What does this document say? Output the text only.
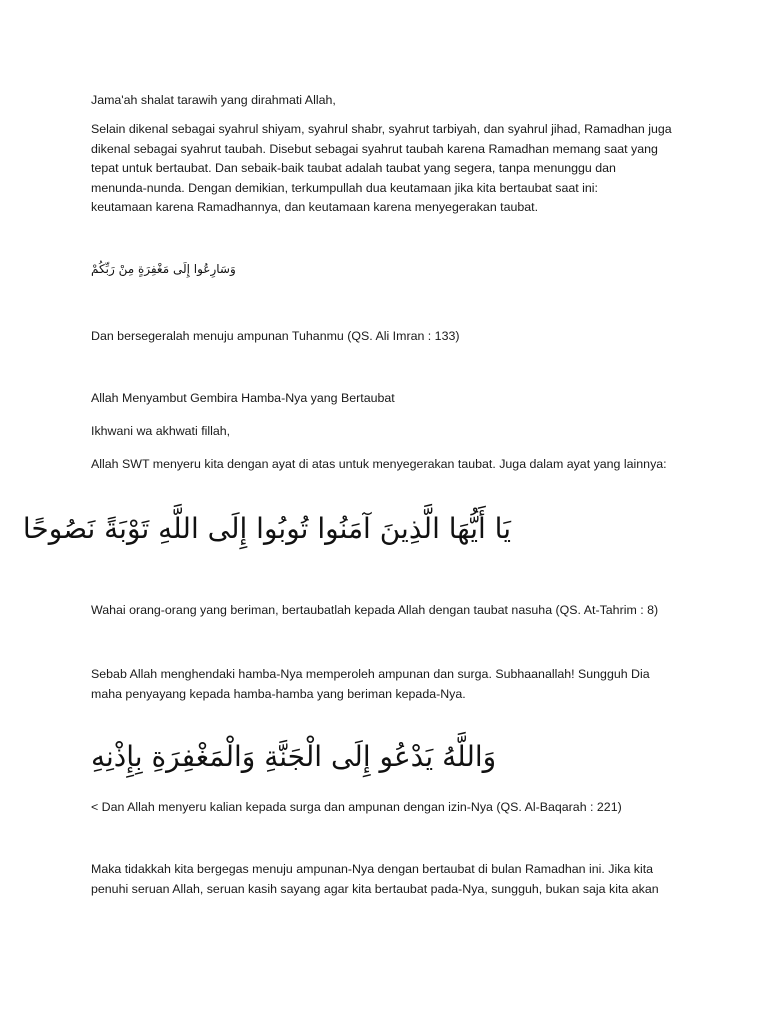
Jama'ah shalat tarawih yang dirahmati Allah,

Selain dikenal sebagai syahrul shiyam, syahrul shabr, syahrut tarbiyah, dan syahrul jihad, Ramadhan juga
dikenal sebagai syahrut taubah. Disebut sebagai syahrut taubah karena Ramadhan memang saat yang
tepat untuk bertaubat. Dan sebaik-baik taubat adalah taubat yang segera, tanpa menunggu dan
menunda-nunda. Dengan demikian, terkumpullah dua keutamaan jika kita bertaubat saat ini:
keutamaan karena Ramadhannya, dan keutamaan karena menyegerakan taubat.

وَسَارِعُوا إِلَى مَغْفِرَةٍ مِنْ رَبِّكُمْ

Dan bersegeralah menuju ampunan Tuhanmu (QS. Ali Imran : 133)

Allah Menyambut Gembira Hamba-Nya yang Bertaubat

Ikhwani wa akhwati fillah,

Allah SWT menyeru kita dengan ayat di atas untuk menyegerakan taubat. Juga dalam ayat yang lainnya:

يَا أَيُّهَا الَّذِينَ آمَنُوا تُوبُوا إِلَى اللَّهِ تَوْبَةً نَصُوحًا

Wahai orang-orang yang beriman, bertaubatlah kepada Allah dengan taubat nasuha (QS. At-Tahrim : 8)

Sebab Allah menghendaki hamba-Nya memperoleh ampunan dan surga. Subhaanallah! Sungguh Dia
maha penyayang kepada hamba-hamba yang beriman kepada-Nya.

وَاللَّهُ يَدْعُو إِلَى الْجَنَّةِ وَالْمَغْفِرَةِ بِإِذْنِهِ

< Dan Allah menyeru kalian kepada surga dan ampunan dengan izin-Nya (QS. Al-Baqarah : 221)

Maka tidakkah kita bergegas menuju ampunan-Nya dengan bertaubat di bulan Ramadhan ini. Jika kita
penuhi seruan Allah, seruan kasih sayang agar kita bertaubat pada-Nya, sungguh, bukan saja kita akan
